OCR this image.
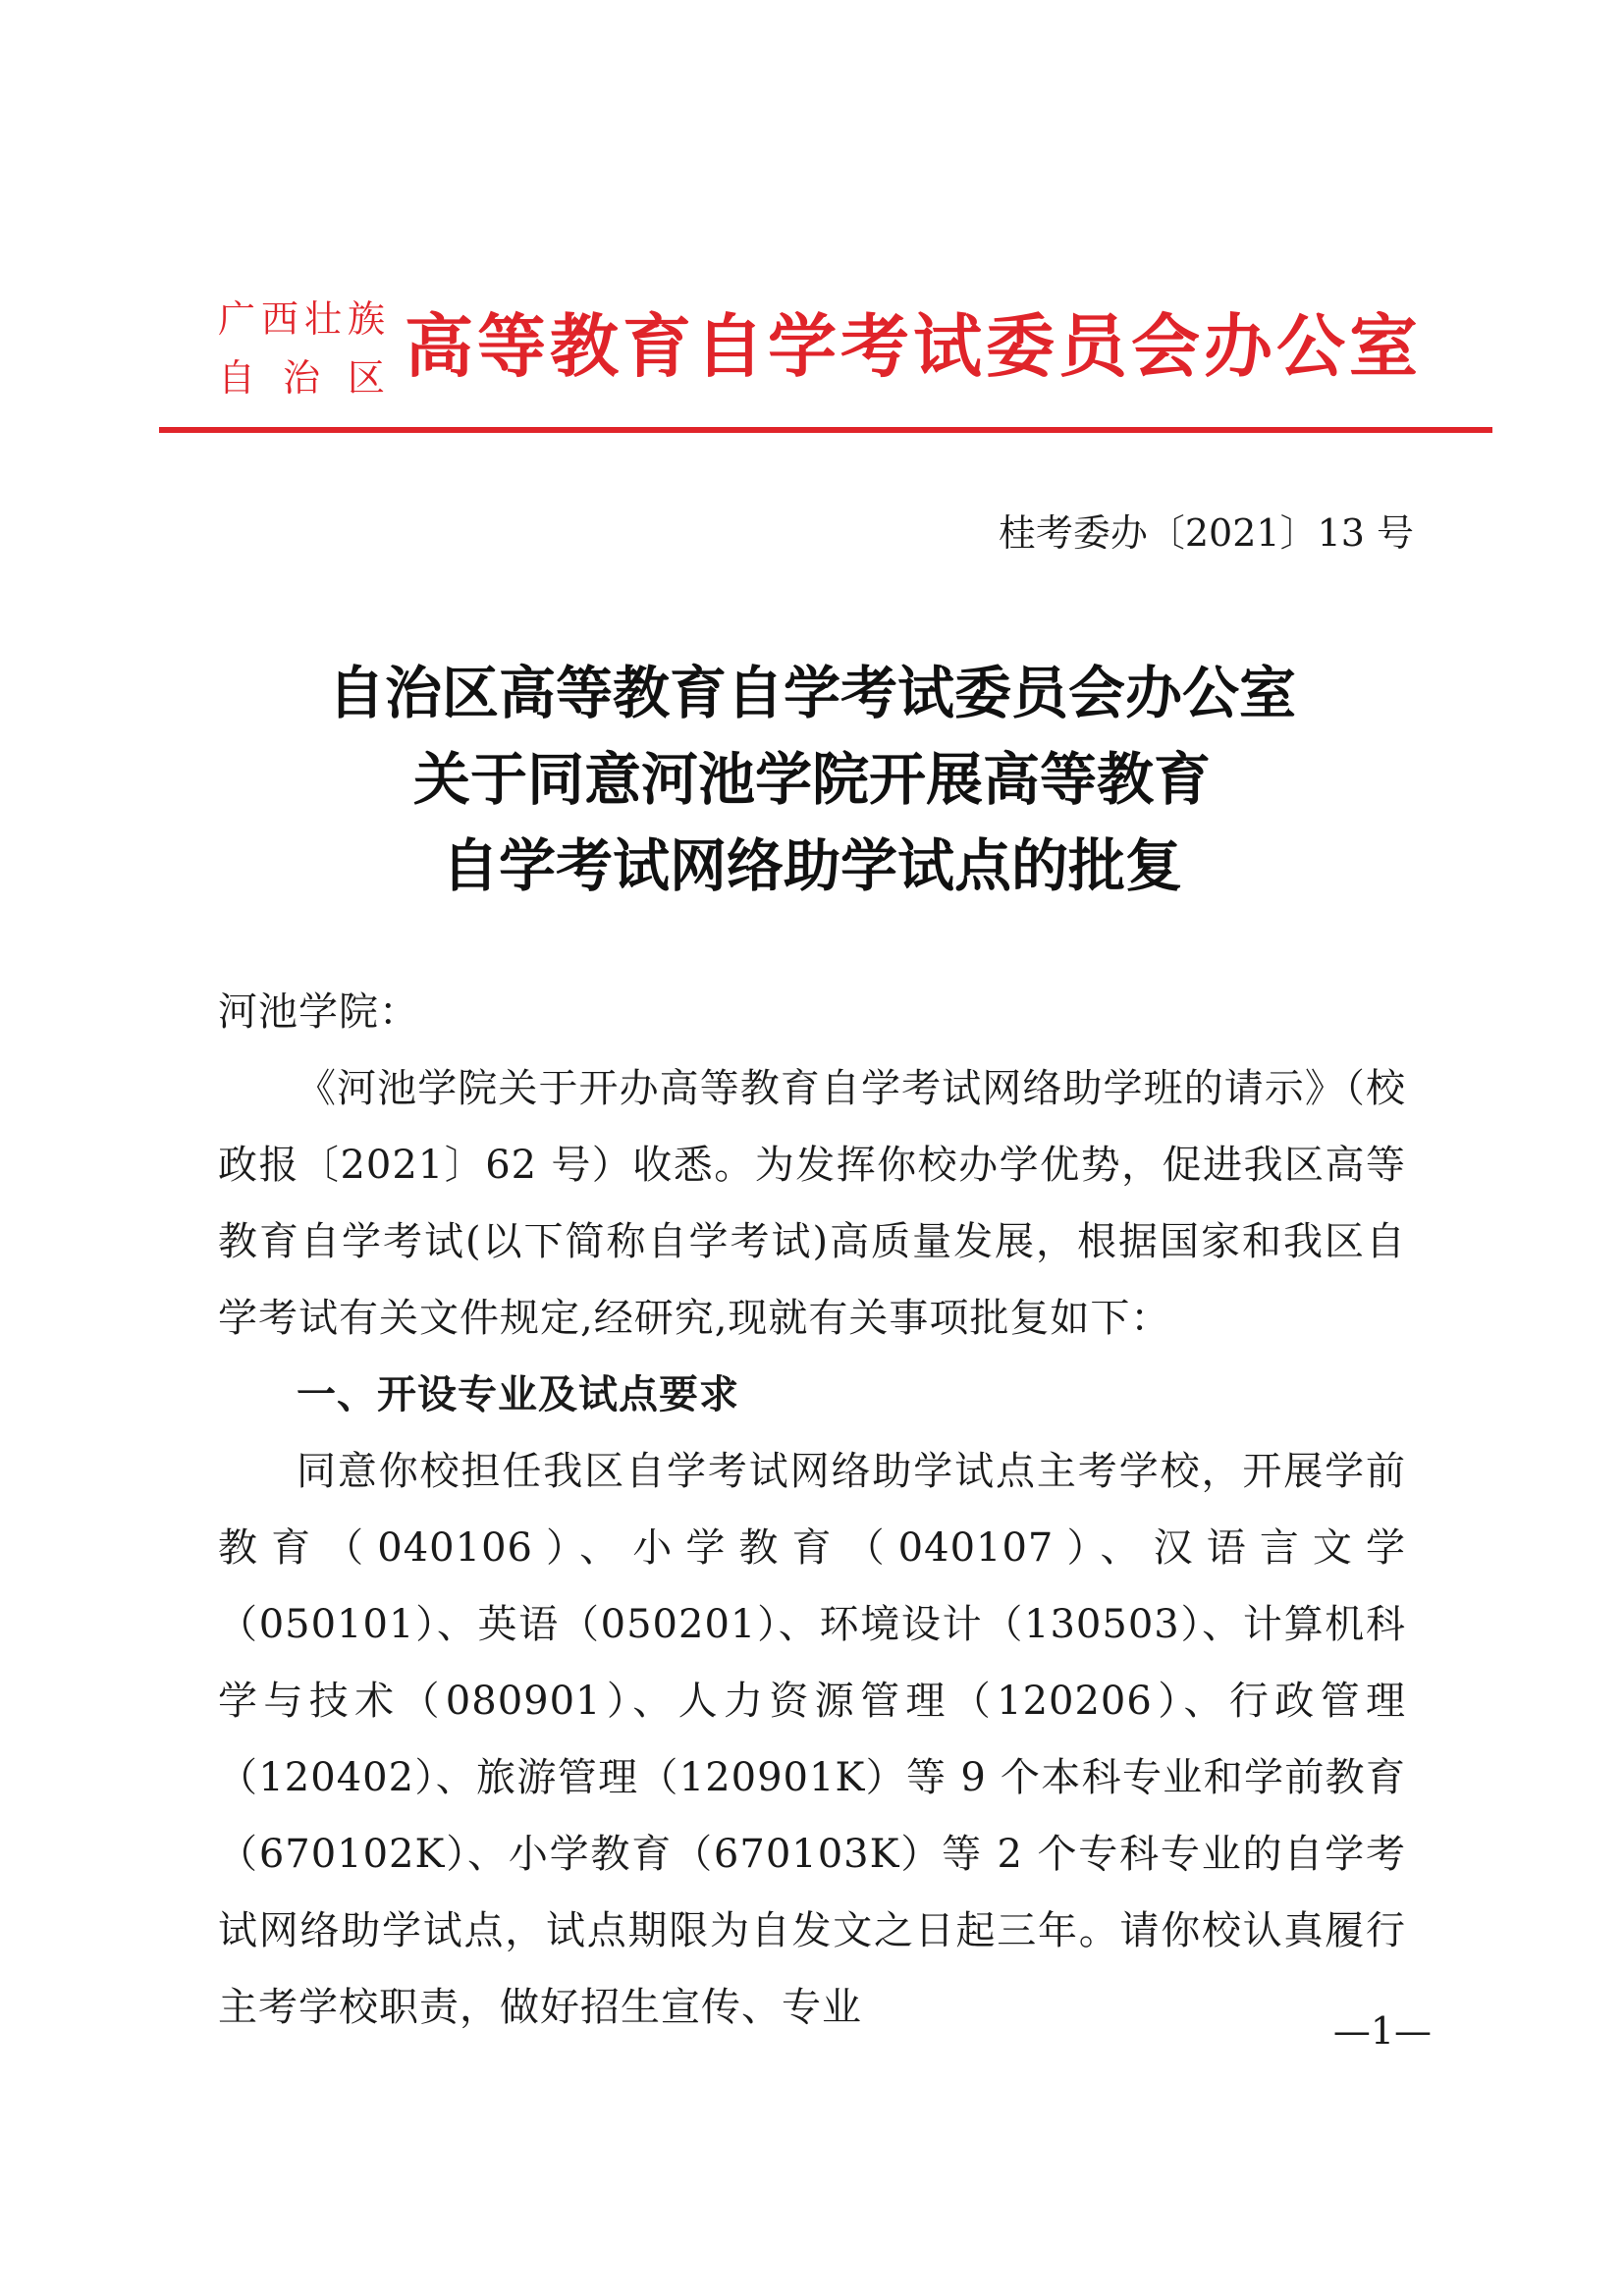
广西壮族
自 治 区 高等教育自学考试委员会办公室
桂考委办〔2021〕13 号
自治区高等教育自学考试委员会办公室
关于同意河池学院开展高等教育
自学考试网络助学试点的批复

河池学院：

《河池学院关于开办高等教育自学考试网络助学班的请示》（校政报〔2021〕62 号）收悉。为发挥你校办学优势，促进我区高等教育自学考试(以下简称自学考试)高质量发展，根据国家和我区自学考试有关文件规定,经研究,现就有关事项批复如下：

一、开设专业及试点要求

同意你校担任我区自学考试网络助学试点主考学校，开展学前教育（040106）、小学教育（040107）、汉语言文学（050101）、英语（050201）、环境设计（130503）、计算机科学与技术（080901）、人力资源管理（120206）、行政管理（120402）、旅游管理（120901K）等 9 个本科专业和学前教育（670102K）、小学教育（670103K）等 2 个专科专业的自学考试网络助学试点，试点期限为自发文之日起三年。请你校认真履行主考学校职责，做好招生宣传、专业

—1—
